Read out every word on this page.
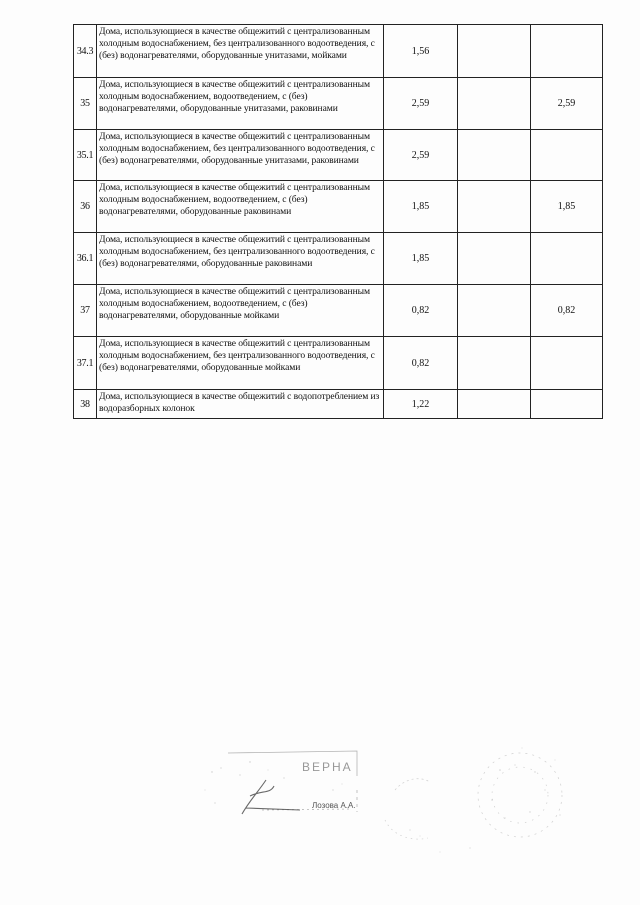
34.3	Дома, использующиеся в качестве общежитий с централизованным холодным водоснабжением, без централизованного водоотведения, с (без) водонагревателями, оборудованные унитазами, мойками	1,56		
35	Дома, использующиеся в качестве общежитий с централизованным холодным водоснабжением, водоотведением, с (без) водонагревателями, оборудованные унитазами, раковинами	2,59		2,59
35.1	Дома, использующиеся в качестве общежитий с централизованным холодным водоснабжением, без централизованного водоотведения, с (без) водонагревателями, оборудованные унитазами, раковинами	2,59		
36	Дома, использующиеся в качестве общежитий с централизованным холодным водоснабжением, водоотведением, с (без) водонагревателями, оборудованные раковинами	1,85		1,85
36.1	Дома, использующиеся в качестве общежитий с централизованным холодным водоснабжением, без централизованного водоотведения, с (без) водонагревателями, оборудованные раковинами	1,85		
37	Дома, использующиеся в качестве общежитий с централизованным холодным водоснабжением, водоотведением, с (без) водонагревателями, оборудованные мойками	0,82		0,82
37.1	Дома, использующиеся в качестве общежитий с централизованным холодным водоснабжением, без централизованного водоотведения, с (без) водонагревателями, оборудованные мойками	0,82		
38	Дома, использующиеся в качестве общежитий с водопотреблением из водоразборных колонок	1,22		
ВЕРНА
Лозова А.А.
